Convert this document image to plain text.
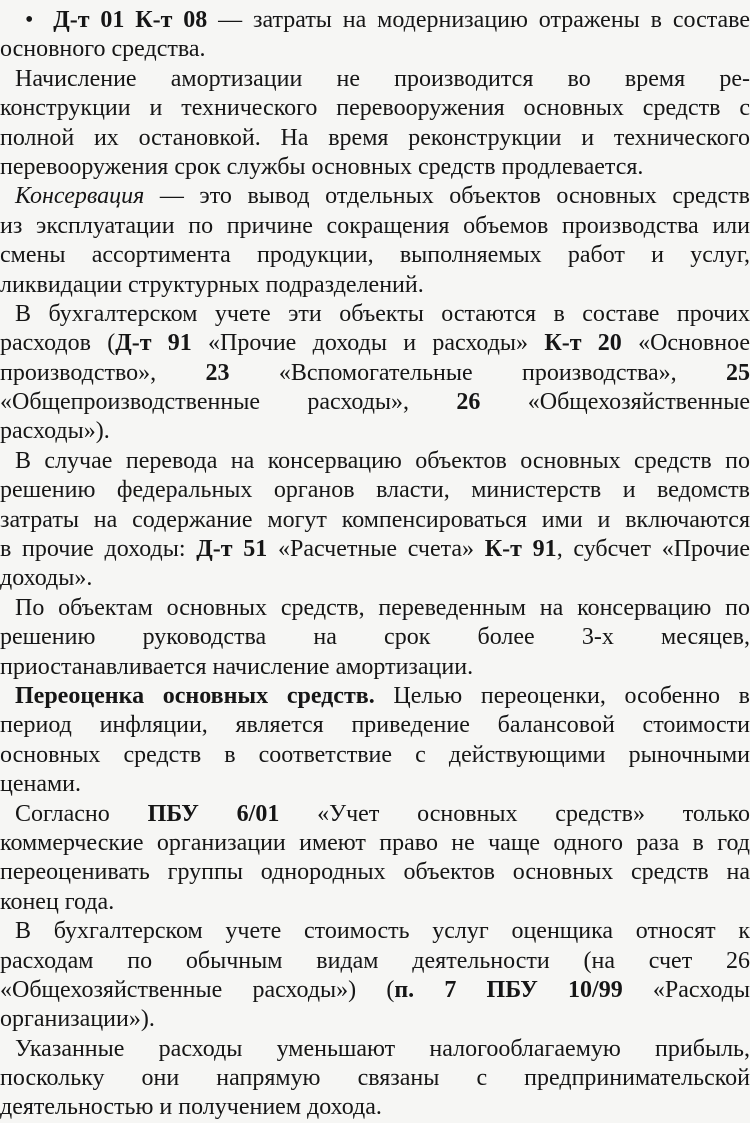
• Д-т 01 К-т 08 — затраты на модернизацию отражены в составе
основного средства.
Начисление амортизации не производится во время ре-
конструкции и технического перевооружения основных средств с
полной их остановкой. На время реконструкции и технического
перевооружения срок службы основных средств продлевается.
Консервация — это вывод отдельных объектов основных средств
из эксплуатации по причине сокращения объемов производства или
смены ассортимента продукции, выполняемых работ и услуг,
ликвидации структурных подразделений.
В бухгалтерском учете эти объекты остаются в составе прочих
расходов (Д-т 91 «Прочие доходы и расходы» К-т 20 «Основное
производство», 23 «Вспомогательные производства», 25
«Общепроизводственные расходы», 26 «Общехозяйственные
расходы»).
В случае перевода на консервацию объектов основных средств по
решению федеральных органов власти, министерств и ведомств
затраты на содержание могут компенсироваться ими и включаются
в прочие доходы: Д-т 51 «Расчетные счета» К-т 91, субсчет «Прочие
доходы».
По объектам основных средств, переведенным на консервацию по
решению руководства на срок более 3-х месяцев,
приостанавливается начисление амортизации.
Переоценка основных средств. Целью переоценки, особенно в
период инфляции, является приведение балансовой стоимости
основных средств в соответствие с действующими рыночными
ценами.
Согласно ПБУ 6/01 «Учет основных средств» только
коммерческие организации имеют право не чаще одного раза в год
переоценивать группы однородных объектов основных средств на
конец года.
В бухгалтерском учете стоимость услуг оценщика относят к
расходам по обычным видам деятельности (на счет 26
«Общехозяйственные расходы») (п. 7 ПБУ 10/99 «Расходы
организации»).
Указанные расходы уменьшают налогооблагаемую прибыль,
поскольку они напрямую связаны с предпринимательской
деятельностью и получением дохода.
